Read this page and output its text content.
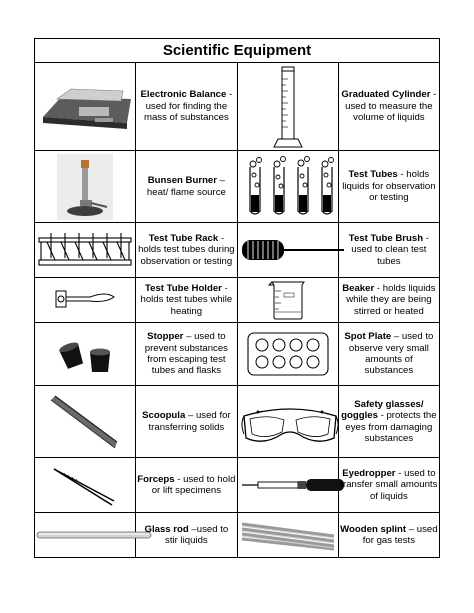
Scientific Equipment			

	Electronic Balance - used for finding the mass of substances		Graduated Cylinder - used to measure the volume of liquids

	Bunsen Burner – heat/ flame source		Test Tubes - holds liquids for observation or testing

	Test Tube Rack - holds test tubes during observation or testing		Test Tube Brush - used to clean test tubes

	Test Tube Holder - holds test tubes while heating		Beaker - holds liquids while they are being stirred or heated

	Stopper – used to prevent substances from escaping test tubes and flasks		Spot Plate – used to observe very small amounts of substances

	Scoopula – used for transferring solids		Safety glasses/ goggles - protects the eyes from damaging substances

	Forceps - used to hold or lift specimens		Eyedropper - used to transfer small amounts of liquids

	Glass rod –used to stir liquids		Wooden splint – used for gas tests
